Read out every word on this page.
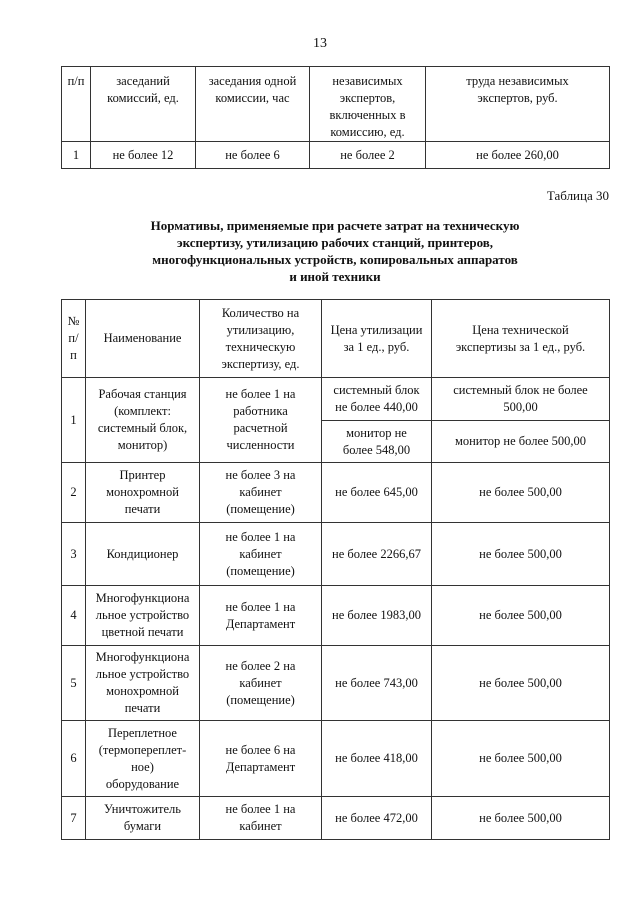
13
п/п	заседаний
комиссий, ед.	заседания одной
комиссии, час	независимых
экспертов,
включенных в
комиссию, ед.	труда независимых
экспертов, руб.
1	не более 12	не более 6	не более 2	не более 260,00
Таблица 30
Нормативы, применяемые при расчете затрат на техническую
экспертизу, утилизацию рабочих станций, принтеров,
многофункциональных устройств, копировальных аппаратов
и иной техники
№
п/
п	Наименование	Количество на
утилизацию,
техническую
экспертизу, ед.	Цена утилизации
за 1 ед., руб.	Цена технической
экспертизы за 1 ед., руб.
1	Рабочая станция
(комплект:
системный блок,
монитор)	не более 1 на
работника
расчетной
численности	системный блок
не более 440,00	системный блок не более
500,00
			монитор не
более 548,00	монитор не более 500,00
2	Принтер
монохромной
печати	не более 3 на
кабинет
(помещение)	не более 645,00	не более 500,00
3	Кондиционер	не более 1 на
кабинет
(помещение)	не более 2266,67	не более 500,00
4	Многофункциона
льное устройство
цветной печати	не более 1 на
Департамент	не более 1983,00	не более 500,00
5	Многофункциона
льное устройство
монохромной
печати	не более 2 на
кабинет
(помещение)	не более 743,00	не более 500,00
6	Переплетное
(термопереплет-
ное)
оборудование	не более 6 на
Департамент	не более 418,00	не более 500,00
7	Уничтожитель
бумаги	не более 1 на
кабинет	не более 472,00	не более 500,00
